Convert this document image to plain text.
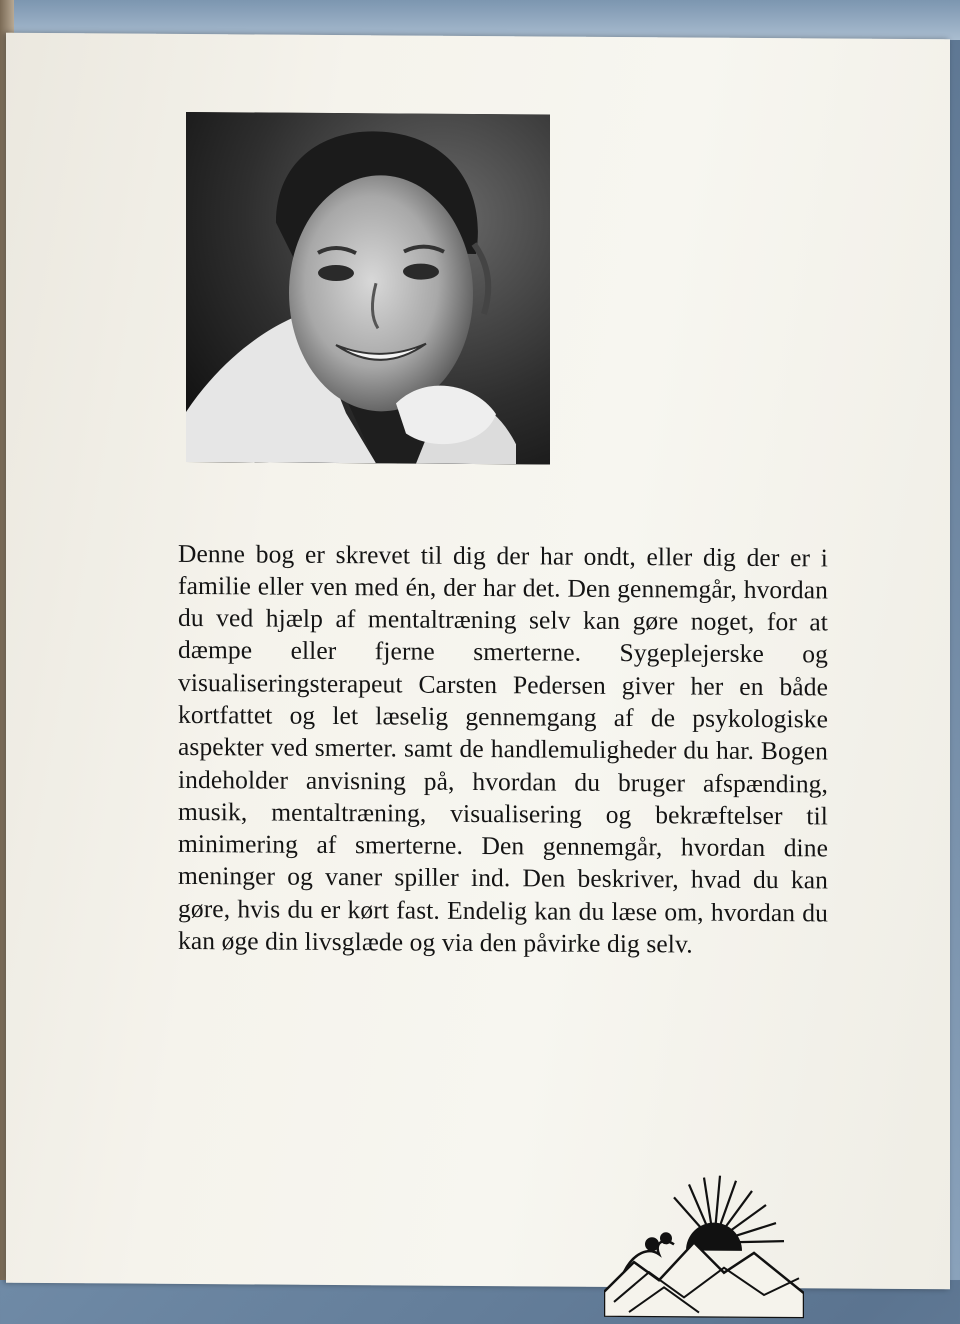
Denne bog er skrevet til dig der har ondt, eller dig der er i familie eller ven med én, der har det. Den gennemgår, hvordan du ved hjælp af mentaltræning selv kan gøre noget, for at dæmpe eller fjerne smerterne. Sygeplejerske og visualiseringsterapeut Carsten Pedersen giver her en både kortfattet og let læselig gennemgang af de psykologiske aspekter ved smerter. samt de handlemuligheder du har. Bogen indeholder anvisning på, hvordan du bruger afspænding, musik, mentaltræning, visualisering og bekræftelser til minimering af smerterne. Den gennemgår, hvordan dine meninger og vaner spiller ind. Den beskriver, hvad du kan gøre, hvis du er kørt fast. Endelig kan du læse om, hvordan du kan øge din livsglæde og via den påvirke dig selv.
